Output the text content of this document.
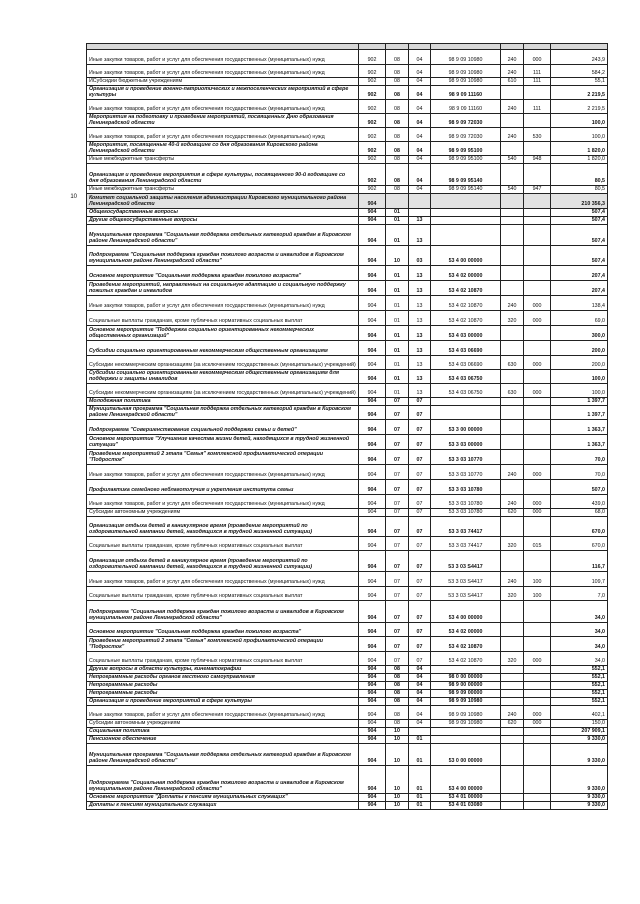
Иные закупки товаров, работ и услуг для обеспечения государственных (муниципальных) нужд	902	08	04	98 9 09 10980	240	000	243,9
Иные закупки товаров, работ и услуг для обеспечения государственных (муниципальных) нужд	902	08	04	98 9 09 10980	240	111	584,2
ИСубсидии бюджетным учреждениям	902	08	04	98 9 09 10980	610	111	55,1
Организация и проведение военно-патриотических и межпоселенческих мероприятий в сфере культуры	902	08	04	98 9 09 11160			2 219,5
Иные закупки товаров, работ и услуг для обеспечения государственных (муниципальных) нужд	902	08	04	98 9 09 11160	240	111	2 219,5
Мероприятия на подготовку и проведение мероприятий, посвященных Дню образования Ленинградской области	902	08	04	98 9 09 72030			100,0
Иные закупки товаров, работ и услуг для обеспечения государственных (муниципальных) нужд	902	08	04	98 9 09 72030	240	530	100,0
Мероприятия, посвященные 40-й годовщине со дня образования Кировского района Ленинградской области	902	08	04	98 9 09 95100			1 820,0
Иные межбюджетные трансферты	902	08	04	98 9 09 95100	540	948	1 820,0
Организация и проведение мероприятия в сфере культуры, посвященного 90-й годовщине со дня образования Ленинградской области	902	08	04	98 9 09 95140			80,5
Иные межбюджетные трансферты	902	08	04	98 9 09 95140	540	947	80,5
Комитет социальной защиты населения администрации Кировского муниципального района Ленинградской области	904						210 356,3
Общегосударственные вопросы	904	01					507,4
Другие общегосударственные вопросы	904	01	13				507,4
Муниципальная программа "Социальная поддержка отдельных категорий граждан в Кировском районе Ленинградской области"	904	01	13				507,4
Подпрограмма "Социальная поддержка граждан пожилого возраста и инвалидов в Кировском муниципальном районе Ленинградской области"	904	10	03	53 4 00 00000			507,4
Основное мероприятие "Социальная поддержка граждан пожилого возраста"	904	01	13	53 4 02 00000			207,4
Проведение мероприятий, направленных на социальную адаптацию и социальную поддержку пожилых граждан и инвалидов	904	01	13	53 4 02 10870			207,4
Иные закупки товаров, работ и услуг для обеспечения государственных (муниципальных) нужд	904	01	13	53 4 02 10870	240	000	138,4
Социальные выплаты гражданам, кроме публичных нормативных социальных выплат	904	01	13	53 4 02 10870	320	000	69,0
Основное мероприятие "Поддержка социально ориентированных некоммерческих общественных организаций"	904	01	13	53 4 03 00000			300,0
Субсидии социально ориентированным некоммерческим общественным организациям	904	01	13	53 4 03 06690			200,0
Субсидии некоммерческим организациям (за исключением государственных (муниципальных) учреждений)	904	01	13	53 4 03 06690	630	000	200,0
Субсидии социально ориентированным некоммерческим общественным организациям для поддержки и защиты инвалидов	904	01	13	53 4 03 06750			100,0
Субсидии некоммерческим организациям (за исключением государственных (муниципальных) учреждений)	904	01	13	53 4 03 06750	630	000	100,0
Молодежная политика	904	07	07				1 397,7
Муниципальная программа "Социальная поддержка отдельных категорий граждан в Кировском районе Ленинградской области"	904	07	07				1 397,7
Подпрограмма "Совершенствование социальной поддержки семьи и детей"	904	07	07	53 3 00 00000			1 363,7
Основное мероприятие "Улучшение качества жизни детей, находящихся в трудной жизненной ситуации"	904	07	07	53 3 03 00000			1 363,7
Проведение мероприятий 2 этапа "Семья" комплексной профилактической операции "Подросток"	904	07	07	53 3 03 10770			70,0
Иные закупки товаров, работ и услуг для обеспечения государственных (муниципальных) нужд	904	07	07	53 3 03 10770	240	000	70,0
Профилактика семейного неблагополучия и укрепления института семьи	904	07	07	53 3 03 10780			507,0
Иные закупки товаров, работ и услуг для обеспечения государственных (муниципальных) нужд	904	07	07	53 3 03 10780	240	000	439,0
Субсидии автономным учреждениям	904	07	07	53 3 03 10780	620	000	68,0
Организация отдыха детей в каникулярное время (проведение мероприятий по оздоровительной кампании детей, находящихся в трудной жизненной ситуации)	904	07	07	53 3 03 74417			670,0
Социальные выплаты гражданам, кроме публичных нормативных социальных выплат	904	07	07	53 3 03 74417	320	015	670,0
Организация отдыха детей в каникулярное время (проведение мероприятий по оздоровительной кампании детей, находящихся в трудной жизненной ситуации)	904	07	07	53 3 03 S4417			116,7
Иные закупки товаров, работ и услуг для обеспечения государственных (муниципальных) нужд	904	07	07	53 3 03 S4417	240	100	109,7
Социальные выплаты гражданам, кроме публичных нормативных социальных выплат	904	07	07	53 3 03 S4417	320	100	7,0
Подпрограмма "Социальная поддержка граждан пожилого возраста и инвалидов в Кировском муниципальном районе Ленинградской области"	904	07	07	53 4 00 00000			34,0
Основное мероприятие "Социальная поддержка граждан пожилого возраста"	904	07	07	53 4 02 00000			34,0
Проведение мероприятий 2 этапа "Семья" комплексной профилактической операции "Подросток"	904	07	07	53 4 02 10870			34,0
Социальные выплаты гражданам, кроме публичных нормативных социальных выплат	904	07	07	53 4 02 10870	320	000	34,0
Другие вопросы в области культуры, кинематографии	904	08	04				552,1
Непрограммные расходы органов местного самоуправления	904	08	04	98 0 00 00000			552,1
Непрограммные расходы	904	08	04	98 9 00 00000			552,1
Непрограммные расходы	904	08	04	98 9 09 00000			552,1
Организация и проведение мероприятий в сфере культуры	904	08	04	98 9 09 10980			552,1
Иные закупки товаров, работ и услуг для обеспечения государственных (муниципальных) нужд	904	08	04	98 9 09 10980	240	000	402,1
Субсидии автономным учреждениям	904	08	04	98 9 09 10980	620	000	150,0
Социальная политика	904	10					207 909,1
Пенсионное обеспечение	904	10	01				9 330,0
Муниципальная программа "Социальная поддержка отдельных категорий граждан в Кировском районе Ленинградской области"	904	10	01	53 0 00 00000			9 330,0
Подпрограмма "Социальная поддержка граждан пожилого возраста и инвалидов в Кировском муниципальном районе Ленинградской области"	904	10	01	53 4 00 00000			9 330,0
Основное мероприятие "Доплаты к пенсиям муниципальных служащих"	904	10	01	53 4 01 00000			9 330,0
Доплаты к пенсиям муниципальных служащих	904	10	01	53 4 01 03080			9 330,0
10
